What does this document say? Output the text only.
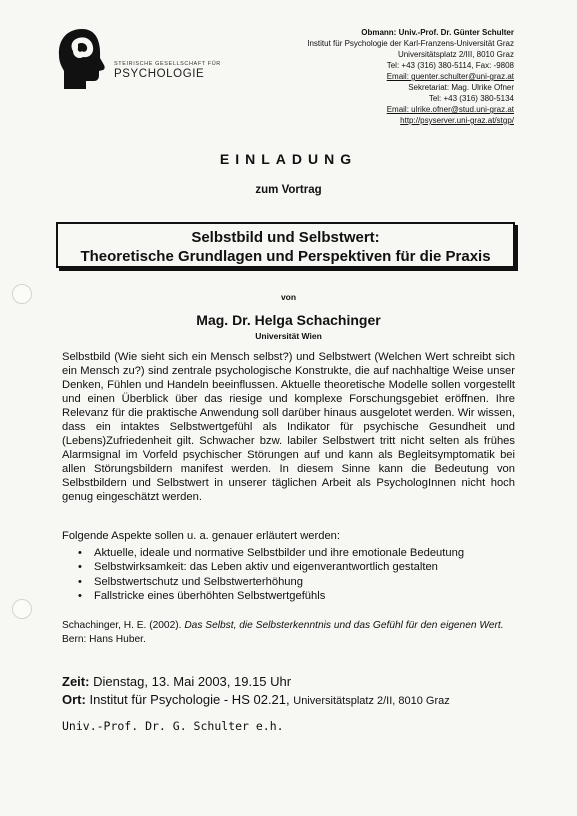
STEIRISCHE GESELLSCHAFT FÜR
PSYCHOLOGIE
Obmann: Univ.-Prof. Dr. Günter Schulter
Institut für Psychologie der Karl-Franzens-Universität Graz
Universitätsplatz 2/III, 8010 Graz
Tel: +43 (316) 380-5114, Fax: -9808
Email: guenter.schulter@uni-graz.at
Sekretariat: Mag. Ulrike Ofner
Tel: +43 (316) 380-5134
Email: ulrike.ofner@stud.uni-graz.at
http://psyserver.uni-graz.at/stgp/
EINLADUNG
zum Vortrag
Selbstbild und Selbstwert:
Theoretische Grundlagen und Perspektiven für die Praxis
von
Mag. Dr. Helga Schachinger
Universität Wien

Selbstbild (Wie sieht sich ein Mensch selbst?) und Selbstwert (Welchen Wert schreibt sich ein Mensch zu?) sind zentrale psychologische Konstrukte, die auf nachhaltige Weise unser Denken, Fühlen und Handeln beeinflussen. Aktuelle theoretische Modelle sollen vorgestellt und einen Überblick über das riesige und komplexe Forschungsgebiet eröffnen. Ihre Relevanz für die praktische Anwendung soll darüber hinaus ausgelotet werden. Wir wissen, dass ein intaktes Selbstwertgefühl als Indikator für psychische Gesundheit und (Lebens)Zufriedenheit gilt. Schwacher bzw. labiler Selbstwert tritt nicht selten als frühes Alarmsignal im Vorfeld psychischer Störungen auf und kann als Begleitsymptomatik bei allen Störungsbildern manifest werden. In diesem Sinne kann die Bedeutung von Selbstbildern und Selbstwert in unserer täglichen Arbeit als PsychologInnen nicht hoch genug eingeschätzt werden.

Folgende Aspekte sollen u. a. genauer erläutert werden:
• Aktuelle, ideale und normative Selbstbilder und ihre emotionale Bedeutung
• Selbstwirksamkeit: das Leben aktiv und eigenverantwortlich gestalten
• Selbstwertschutz und Selbstwerterhöhung
• Fallstricke eines überhöhten Selbstwertgefühls
Schachinger, H. E. (2002). Das Selbst, die Selbsterkenntnis und das Gefühl für den eigenen Wert. Bern: Hans Huber.
Zeit: Dienstag, 13. Mai 2003, 19.15 Uhr
Ort: Institut für Psychologie - HS 02.21, Universitätsplatz 2/II, 8010 Graz
Univ.-Prof. Dr. G. Schulter e.h.
